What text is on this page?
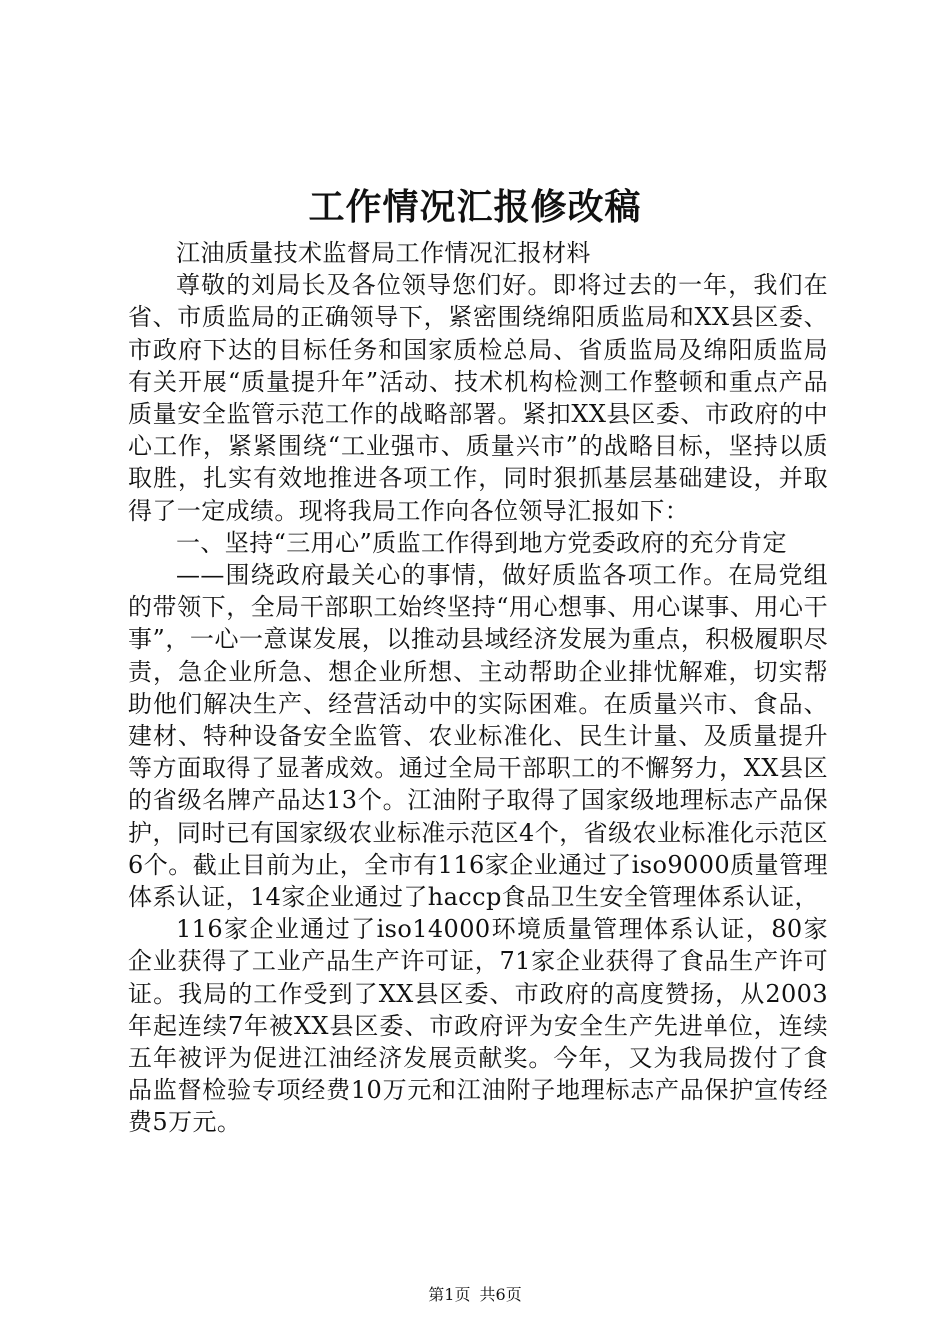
工作情况汇报修改稿

江油质量技术监督局工作情况汇报材料

尊敬的刘局长及各位领导您们好。即将过去的一年，我们在省、市质监局的正确领导下，紧密围绕绵阳质监局和XX县区委、市政府下达的目标任务和国家质检总局、省质监局及绵阳质监局有关开展“质量提升年”活动、技术机构检测工作整顿和重点产品质量安全监管示范工作的战略部署。紧扣XX县区委、市政府的中心工作，紧紧围绕“工业强市、质量兴市”的战略目标，坚持以质取胜，扎实有效地推进各项工作，同时狠抓基层基础建设，并取得了一定成绩。现将我局工作向各位领导汇报如下：

一、坚持“三用心”质监工作得到地方党委政府的充分肯定

——围绕政府最关心的事情，做好质监各项工作。在局党组的带领下，全局干部职工始终坚持“用心想事、用心谋事、用心干事”，一心一意谋发展，以推动县域经济发展为重点，积极履职尽责，急企业所急、想企业所想、主动帮助企业排忧解难，切实帮助他们解决生产、经营活动中的实际困难。在质量兴市、食品、建材、特种设备安全监管、农业标准化、民生计量、及质量提升等方面取得了显著成效。通过全局干部职工的不懈努力，XX县区的省级名牌产品达13个。江油附子取得了国家级地理标志产品保护，同时已有国家级农业标准示范区4个，省级农业标准化示范区6个。截止目前为止，全市有116家企业通过了iso9000质量管理体系认证，14家企业通过了haccp食品卫生安全管理体系认证，

116家企业通过了iso14000环境质量管理体系认证，80家企业获得了工业产品生产许可证，71家企业获得了食品生产许可证。我局的工作受到了XX县区委、市政府的高度赞扬，从2003年起连续7年被XX县区委、市政府评为安全生产先进单位，连续五年被评为促进江油经济发展贡献奖。今年，又为我局拨付了食品监督检验专项经费10万元和江油附子地理标志产品保护宣传经费5万元。

第1页 共6页
